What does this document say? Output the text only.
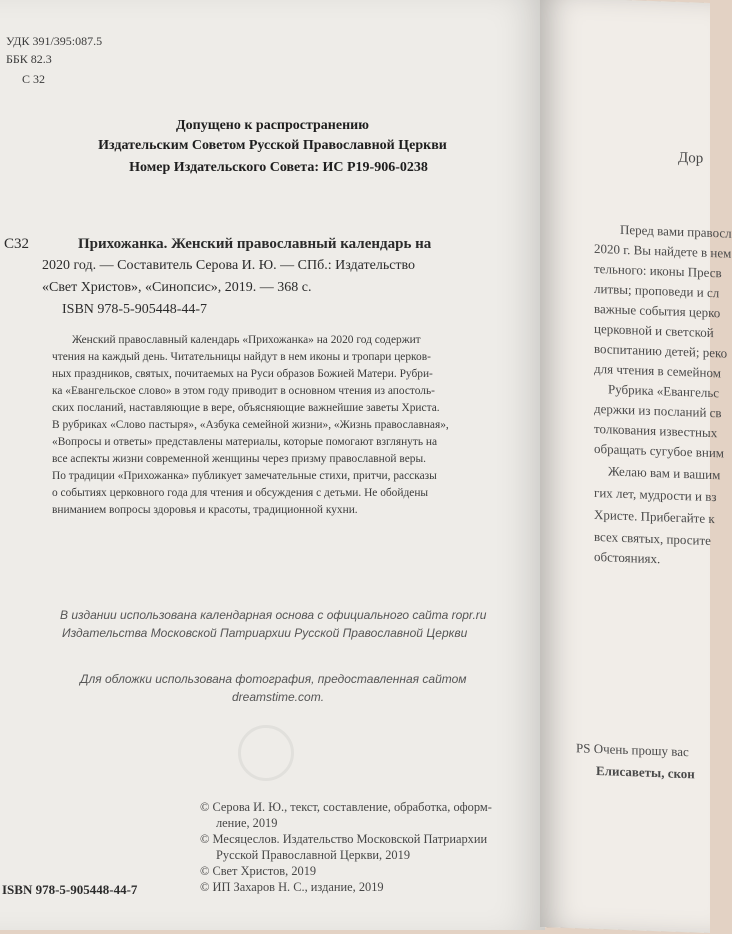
УДК 391/395:087.5
ББК 82.3
С 32
Допущено к распространению
Издательским Советом Русской Православной Церкви
Номер Издательского Совета: ИС Р19-906-0238
С32	Прихожанка. Женский православный календарь на
2020 год. — Составитель Серова И. Ю. — СПб.: Издательство
«Свет Христов», «Синопсис», 2019. — 368 с.
ISBN 978-5-905448-44-7
Женский православный календарь «Прихожанка» на 2020 год содержит
чтения на каждый день. Читательницы найдут в нем иконы и тропари церков-
ных праздников, святых, почитаемых на Руси образов Божией Матери. Рубри-
ка «Евангельское слово» в этом году приводит в основном чтения из апостоль-
ских посланий, наставляющие в вере, объясняющие важнейшие заветы Христа.
В рубриках «Слово пастыря», «Азбука семейной жизни», «Жизнь православная»,
«Вопросы и ответы» представлены материалы, которые помогают взглянуть на
все аспекты жизни современной женщины через призму православной веры.
По традиции «Прихожанка» публикует замечательные стихи, притчи, рассказы
о событиях церковного года для чтения и обсуждения с детьми. Не обойдены
вниманием вопросы здоровья и красоты, традиционной кухни.
В издании использована календарная основа с официального сайта ropr.ru
Издательства Московской Патриархии Русской Православной Церкви
Для обложки использована фотография, предоставленная сайтом
dreamstime.com.
© Серова И. Ю., текст, составление, обработка, оформ-
ление, 2019
© Месяцеслов. Издательство Московской Патриархии
Русской Православной Церкви, 2019
© Свет Христов, 2019
© ИП Захаров Н. С., издание, 2019
ISBN 978-5-905448-44-7
Дор
Перед вами правосл
2020 г. Вы найдете в нем
тельного: иконы Пресв
литвы; проповеди и сл
важные события церко
церковной и светской
воспитанию детей; реко
для чтения в семейном
Рубрика «Евангельс
держки из посланий св
толкования известных
обращать сугубое вним
Желаю вам и вашим
гих лет, мудрости и вз
Христе. Прибегайте к
всех святых, просите
обстояниях.
PS Очень прошу вас
Елисаветы, скон
